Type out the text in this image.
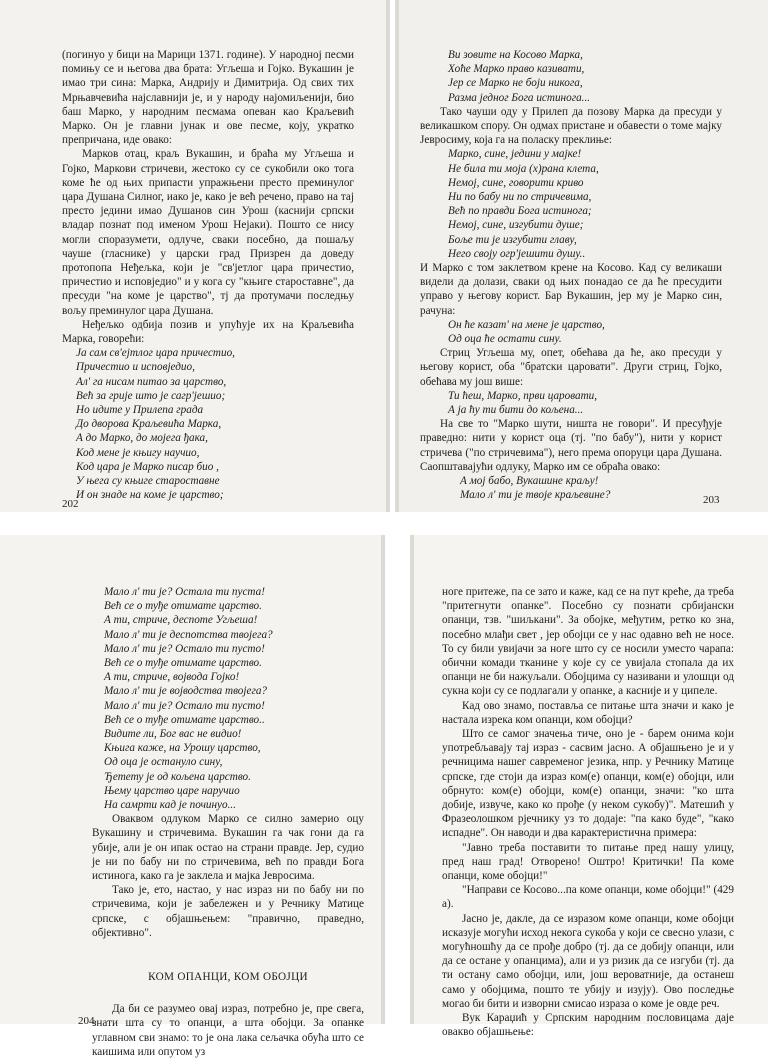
(погинуо у бици на Марици 1371. године). У народној песми помињу се и његова два брата: Угљеша и Гојко. Вукашин је имао три сина: Марка, Андрију и Димитрија. Од свих тих Мрњавчевића најславнији је, и у народу најомиљенији, био баш Марко, у народним песмама опеван као Краљевић Марко. Он је главни јунак и ове песме, коју, укратко препричана, иде овако:

Марков отац, краљ Вукашин, и браћа му Угљеша и Гојко, Маркови стричеви, жестоко су се сукобили око тога коме ће од њих припасти упражњени престо преминулог цара Душана Силног, иако је, како је већ речено, право на тај престо једини имао Душанов син Урош (каснији српски владар познат под именом Урош Нејаки). Пошто се нису могли споразумети, одлуче, свaки посебно, да пошаљу чауше (гласнике) у царски град Призрен да доведу протопопа Неђељка, који је "св'јетлог цара причестио, причестио и исповједио" и у кога су "књиге старостaвне", да пресуди "на коме је царство", тј да протумачи последњу вољу преминулог цара Душана.

Неђељко одбија позив и упућује их на Краљевића Марка, говорећи:

Ја сам св'ејтлог цара причестио,
Причестио и исповједио,
Ал' га нисам питао за царство,
Већ за гријe што је сагр'јешио;
Но идите у Прилепа града
До дворова Краљевића Марка,
А до Марко, до мојега ђака,
Код мене је књигу научио,
Код цара је Марко писар био ,
У њега су књиге старостaвне
И он знаде на коме је царство;

202

Ви зовите на Косово Марка,
Хоће Марко право казивати,
Јер се Марко не боји никога,
Разма једног Бога истинога...

Тако чауши оду у Прилеп да позову Марка да пресуди у великашком спору. Он одмах пристане и обавести о томе мајку Јевросиму, која га на поласку преклиње:

Марко, сине, једини у мајке!
Не била ти моја (х)рана клета,
Немој, сине, говорити криво
Ни по бабу ни по стричевима,
Већ по правди Бога истинога;
Немој, сине, изгубити душе;
Боље ти је изгубити главу,
Него своју огр'јешити душу..

И Марко с том заклетвом крене на Косово. Кад су великаши видели да долази, сваки од њих понадао се да ће пресудити управо у његову корист. Бар Вукашин, јер му је Марко син, рачуна:

Он ће казат' на мене је царство,
Од оца ће остати сину.

Стриц Угљеша му, опет, обећава да ће, ако пресуди у његову корист, оба "братски царовати". Други стриц, Гојко, обећава му још више:

Ти ћеш, Марко, први царовати,
А ја ћу ти бити до кољена...

На све то "Марко шути, ништа не говори". И пресуђује праведно: нити у корист оца (тј. "по бабу"), нити у корист стричева ("по стричевима"), него према опоруци цара Душана. Саопштавајући одлуку, Марко им се обраћа овако:

А мој бабо, Вукашине краљу!
Мало л' ти је твоје краљевине?	203

Мало л' ти је? Остала ти пуста!
Већ се о туђе отимате царство.
А ти, стриче, деспоте Угљеша!
Мало л' ти је деспотства твојега?
Мало л' ти је? Остало ти пусто!
Већ се о туђе отимате царство.
А ти, стриче, војвода Гојко!
Мало л' ти је војводства твојега?
Мало л' ти је? Остало ти пусто!
Већ се о туђе отимате царство..
Видите ли, Бог вас не видио!
Књига каже, на Урошу царство,
Од оца је остануло сину,
Ђетету је од кољена царство.
Њему царство царе наручио
На самрти кад је починуо...

Оваквом одлуком Марко се силно замерио оцу Вукашину и стричевима. Вукашин га чак гони да га убије, али је он ипак остао на страни правде. Јер, судио је ни по бабу ни по стричевима, већ по правди Бога истинога, како га је заклела и мајка Јевросима.

Тако је, ето, настао, у нас израз ни по бабу ни по стричевима, који је забележен и у Речнику Матице српске, с објашњењем: "правично, праведно, објективно".

КОМ ОПАНЦИ, КОМ ОБОЈЦИ

Да би се разумео овај израз, потребно је, пре свега, знати шта су то опанци, а шта обојци. За опанке углавном сви знамо: то је она лака сељачка обућа што се каишима или опутом уз

204

ноге притеже, па се зато и каже, кад се на пут креће, да треба "притегнути опанке". Посебно су познати србијански опанци, тзв. "шиљкани". За обојке, међутим, ретко ко зна, посебно млађи свет , јер обојци се у нас одавно већ не носе. То су били увијачи за ноге што су се носили уместо чарапа: обични комади тканине у које су се увијала стопала да их опанци не би нажуљали. Обојцима су називани и улошци од сукна који су се подлагали у опанке, а касније и у ципеле.

Кад ово знамо, поставља се питање шта значи и како је настала изрека ком опанци, ком обојци?

Што се самог значења тиче, оно је - барем онима који употребљавају тај израз - сасвим јасно. А објашњено је и у речницима нашег савременог језика, нпр. у Речнику Матице српске, где стоји да израз ком(е) опанци, ком(е) обојци, или обрнуто: ком(е) обојци, ком(е) опанци, значи: "ко шта добије, извуче, како ко прође (у неком сукобу)". Матешић у Фразеолошком рјечнику уз то додаје: "па како буде", "како испадне". Он наводи и два карактеристична примера:

"Јавно треба поставити то питање пред нашу улицу, пред наш град! Отворено! Оштро! Критички! Па коме опанци, коме обојци!"

"Направи се Косово...па коме опанци, коме обојци!" (429 а).

Јасно је, дакле, да се изразом коме опанци, коме обојци исказује могући исход некога сукоба у који се свесно улази, с могућношћу да се прође добро (тј. да се добију опанци, или да се остане у опанцима), али и уз ризик да се изгуби (тј. да ти остану само обојци, или, још вероватније, да останеш само у обојцима, пошто те убију и изују). Ово последње могао би бити и изворни смисао израза о коме је овде реч.

Вук Караџић у Српским народним пословицама даје овакво објашњење:
